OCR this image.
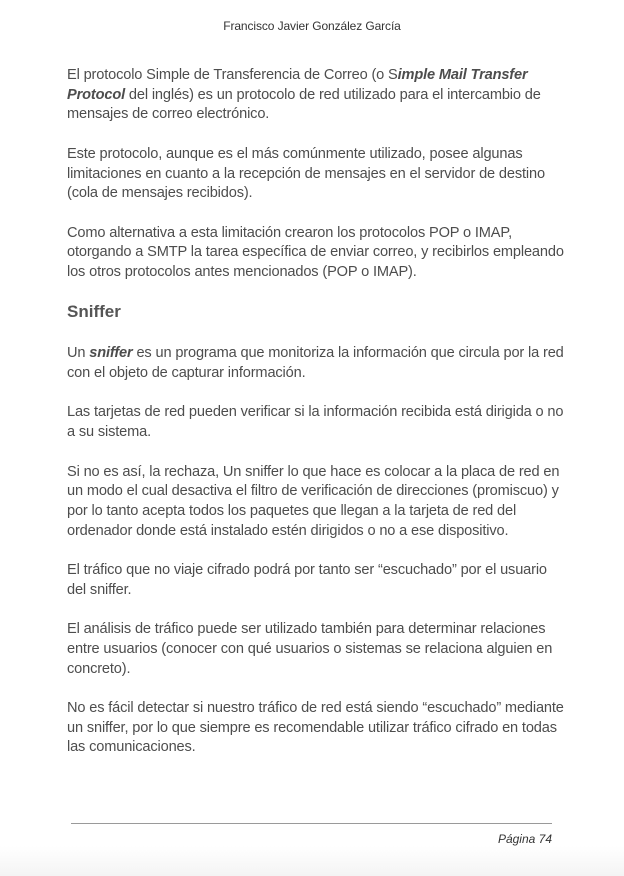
Francisco Javier González García

El protocolo Simple de Transferencia de Correo (o Simple Mail Transfer Protocol del inglés) es un protocolo de red utilizado para el intercambio de mensajes de correo electrónico.

Este protocolo, aunque es el más comúnmente utilizado, posee algunas limitaciones en cuanto a la recepción de mensajes en el servidor de destino (cola de mensajes recibidos).

Como alternativa a esta limitación crearon los protocolos POP o IMAP, otorgando a SMTP la tarea específica de enviar correo, y recibirlos empleando los otros protocolos antes mencionados (POP o IMAP).

Sniffer

Un sniffer es un programa que monitoriza la información que circula por la red con el objeto de capturar información.

Las tarjetas de red pueden verificar si la información recibida está dirigida o no a su sistema.

Si no es así, la rechaza, Un sniffer lo que hace es colocar a la placa de red en un modo el cual desactiva el filtro de verificación de direcciones (promiscuo) y por lo tanto acepta todos los paquetes que llegan a la tarjeta de red del ordenador donde está instalado estén dirigidos o no a ese dispositivo.

El tráfico que no viaje cifrado podrá por tanto ser “escuchado” por el usuario del sniffer.

El análisis de tráfico puede ser utilizado también para determinar relaciones entre usuarios (conocer con qué usuarios o sistemas se relaciona alguien en concreto).

No es fácil detectar si nuestro tráfico de red está siendo “escuchado” mediante un sniffer, por lo que siempre es recomendable utilizar tráfico cifrado en todas las comunicaciones.

Página 74
